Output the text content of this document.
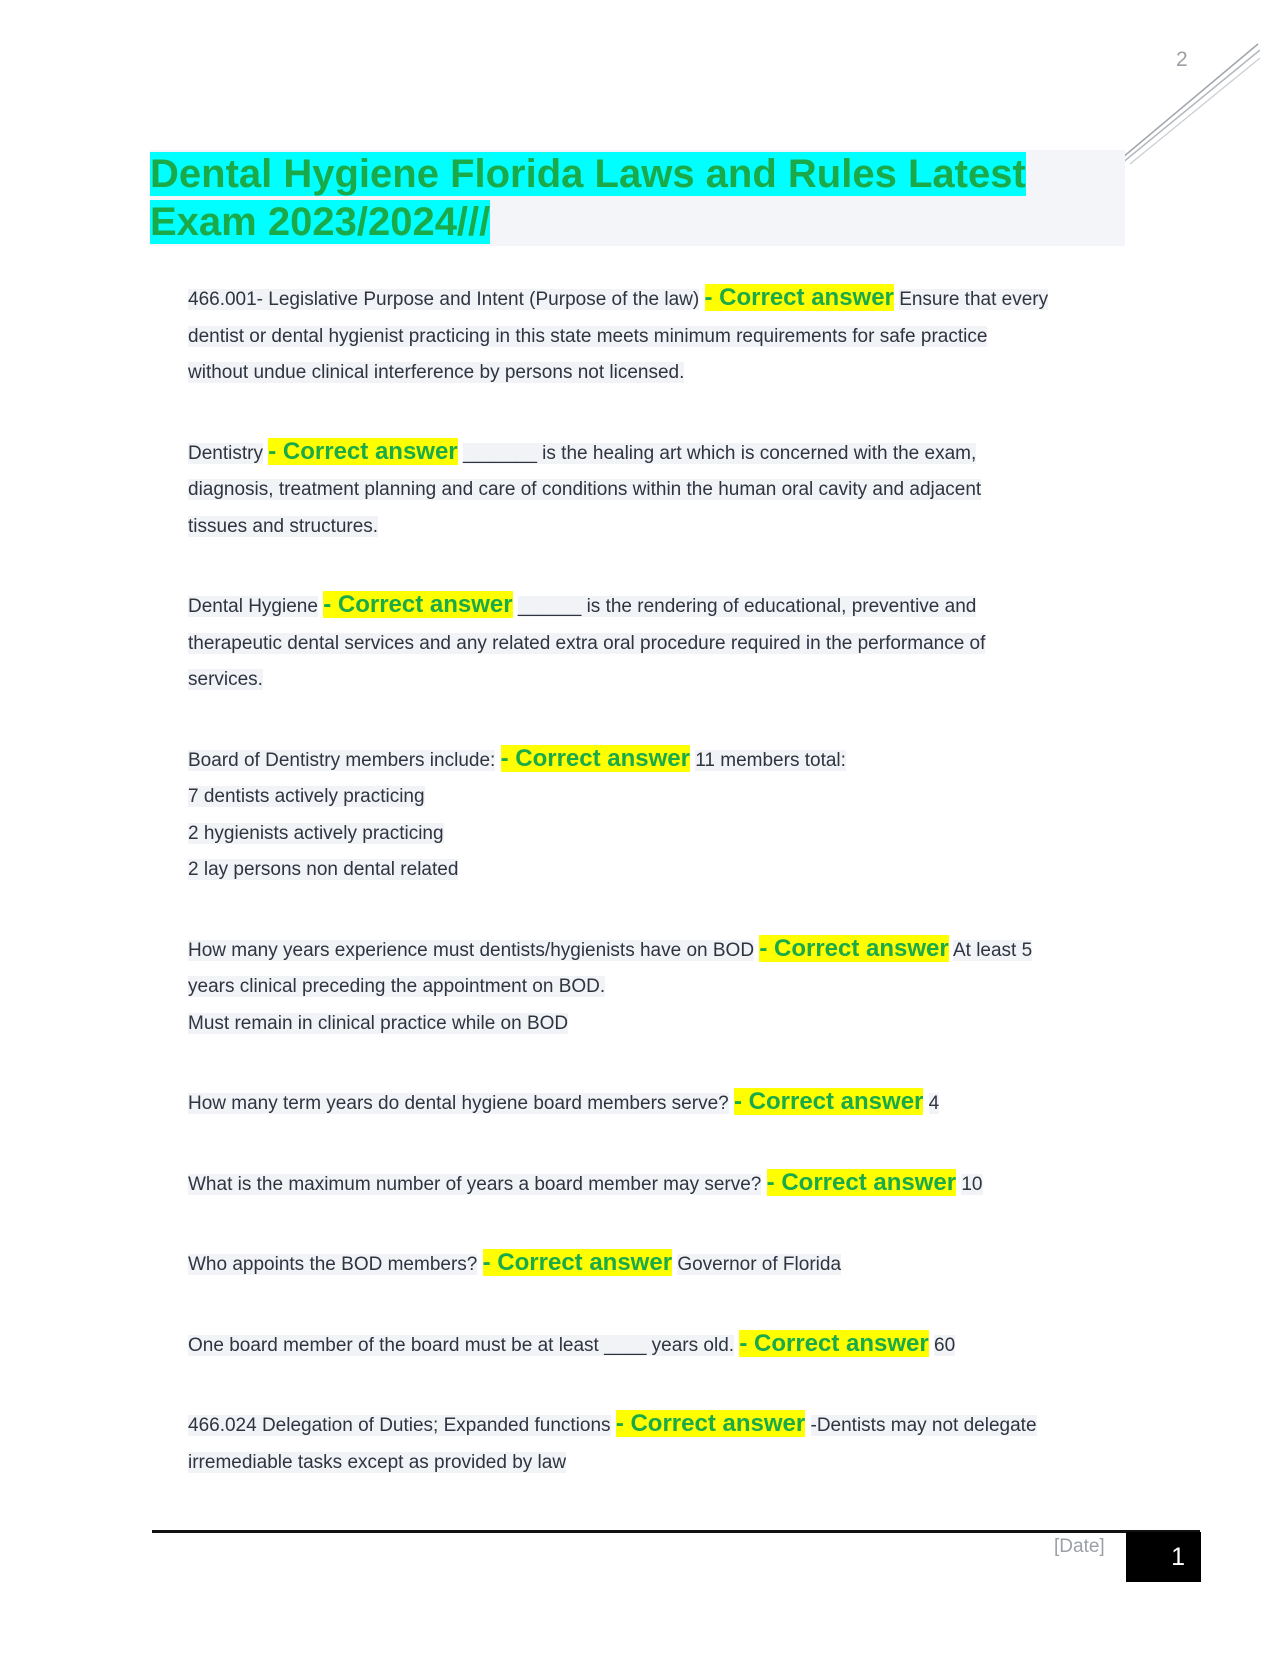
2
Dental Hygiene Florida Laws and Rules Latest
Exam 2023/2024///

466.001- Legislative Purpose and Intent (Purpose of the law) - Correct answer Ensure that every
dentist or dental hygienist practicing in this state meets minimum requirements for safe practice
without undue clinical interference by persons not licensed.

Dentistry - Correct answer _______ is the healing art which is concerned with the exam,
diagnosis, treatment planning and care of conditions within the human oral cavity and adjacent
tissues and structures.

Dental Hygiene - Correct answer ______ is the rendering of educational, preventive and
therapeutic dental services and any related extra oral procedure required in the performance of
services.

Board of Dentistry members include: - Correct answer 11 members total:
7 dentists actively practicing
2 hygienists actively practicing
2 lay persons non dental related

How many years experience must dentists/hygienists have on BOD - Correct answer At least 5
years clinical preceding the appointment on BOD.
Must remain in clinical practice while on BOD

How many term years do dental hygiene board members serve? - Correct answer 4

What is the maximum number of years a board member may serve? - Correct answer 10

Who appoints the BOD members? - Correct answer Governor of Florida

One board member of the board must be at least ____ years old. - Correct answer 60

466.024 Delegation of Duties; Expanded functions - Correct answer -Dentists may not delegate
irremediable tasks except as provided by law

[Date]	1
